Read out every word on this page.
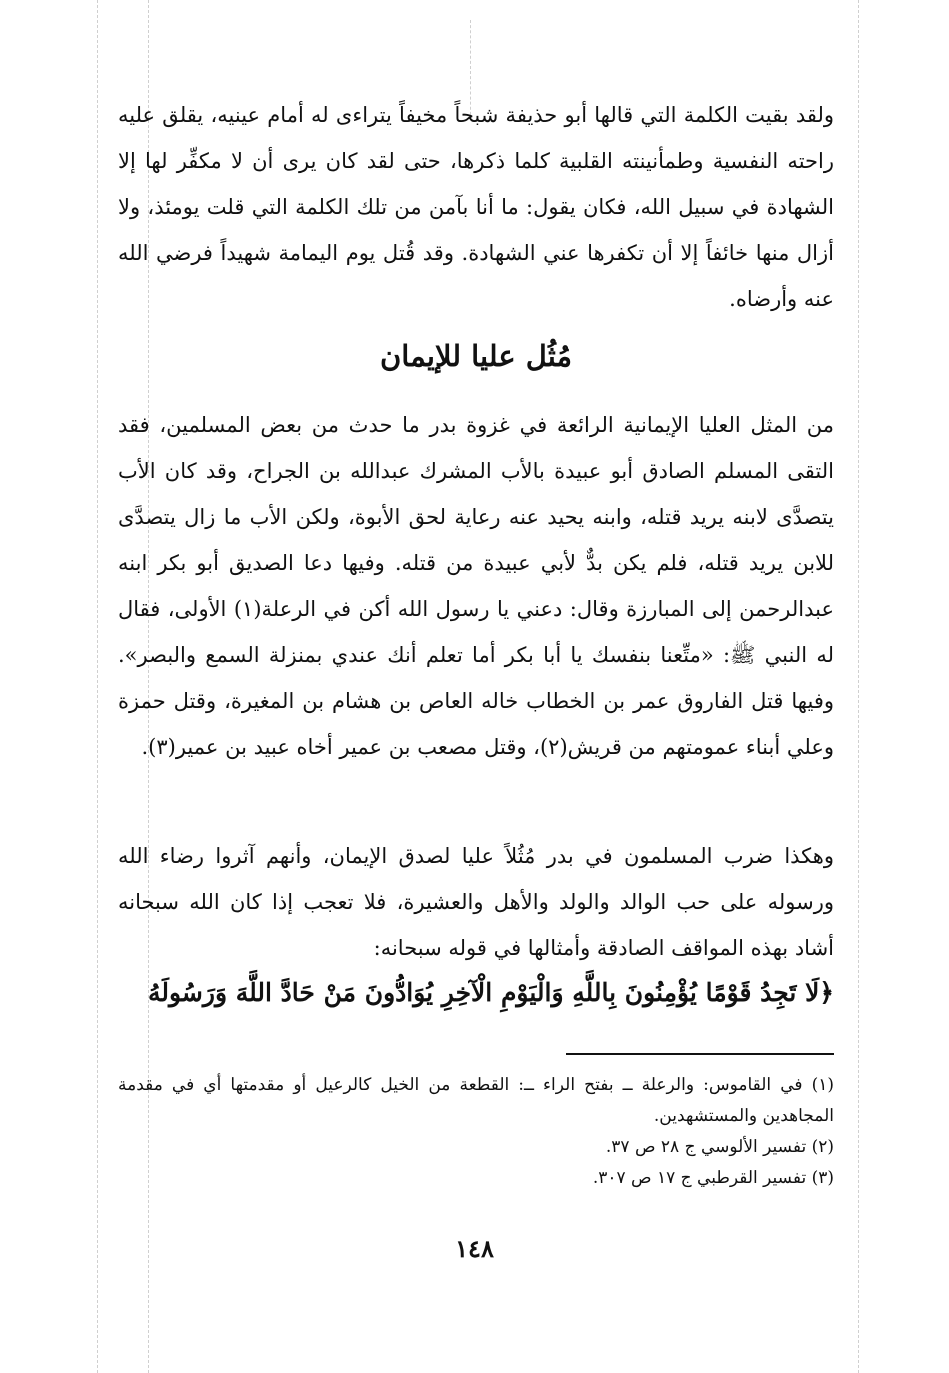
ولقد بقيت الكلمة التي قالها أبو حذيفة شبحاً مخيفاً يتراءى له أمام عينيه، يقلق عليه راحته النفسية وطمأنينته القلبية كلما ذكرها، حتى لقد كان يرى أن لا مكفِّر لها إلا الشهادة في سبيل الله، فكان يقول: ما أنا بآمن من تلك الكلمة التي قلت يومئذ، ولا أزال منها خائفاً إلا أن تكفرها عني الشهادة. وقد قُتل يوم اليمامة شهيداً فرضي الله عنه وأرضاه.

مُثُل عليا للإيمان

من المثل العليا الإيمانية الرائعة في غزوة بدر ما حدث من بعض المسلمين، فقد التقى المسلم الصادق أبو عبيدة بالأب المشرك عبدالله بن الجراح، وقد كان الأب يتصدَّى لابنه يريد قتله، وابنه يحيد عنه رعاية لحق الأبوة، ولكن الأب ما زال يتصدَّى للابن يريد قتله، فلم يكن بدٌّ لأبي عبيدة من قتله. وفيها دعا الصديق أبو بكر ابنه عبدالرحمن إلى المبارزة وقال: دعني يا رسول الله أكن في الرعلة(١) الأولى، فقال له النبي ﷺ: «متِّعنا بنفسك يا أبا بكر أما تعلم أنك عندي بمنزلة السمع والبصر». وفيها قتل الفاروق عمر بن الخطاب خاله العاص بن هشام بن المغيرة، وقتل حمزة وعلي أبناء عمومتهم من قريش(٢)، وقتل مصعب بن عمير أخاه عبيد بن عمير(٣).

وهكذا ضرب المسلمون في بدر مُثُلاً عليا لصدق الإيمان، وأنهم آثروا رضاء الله ورسوله على حب الوالد والولد والأهل والعشيرة، فلا تعجب إذا كان الله سبحانه أشاد بهذه المواقف الصادقة وأمثالها في قوله سبحانه:

﴿لَا تَجِدُ قَوْمًا يُؤْمِنُونَ بِاللَّهِ وَالْيَوْمِ الْآخِرِ يُوَادُّونَ مَنْ حَادَّ اللَّهَ وَرَسُولَهُ

(١) في القاموس: والرعلة ــ بفتح الراء ــ: القطعة من الخيل كالرعيل أو مقدمتها أي في مقدمة المجاهدين والمستشهدين.
(٢) تفسير الألوسي ج ٢٨ ص ٣٧.
(٣) تفسير القرطبي ج ١٧ ص ٣٠٧.
١٤٨
